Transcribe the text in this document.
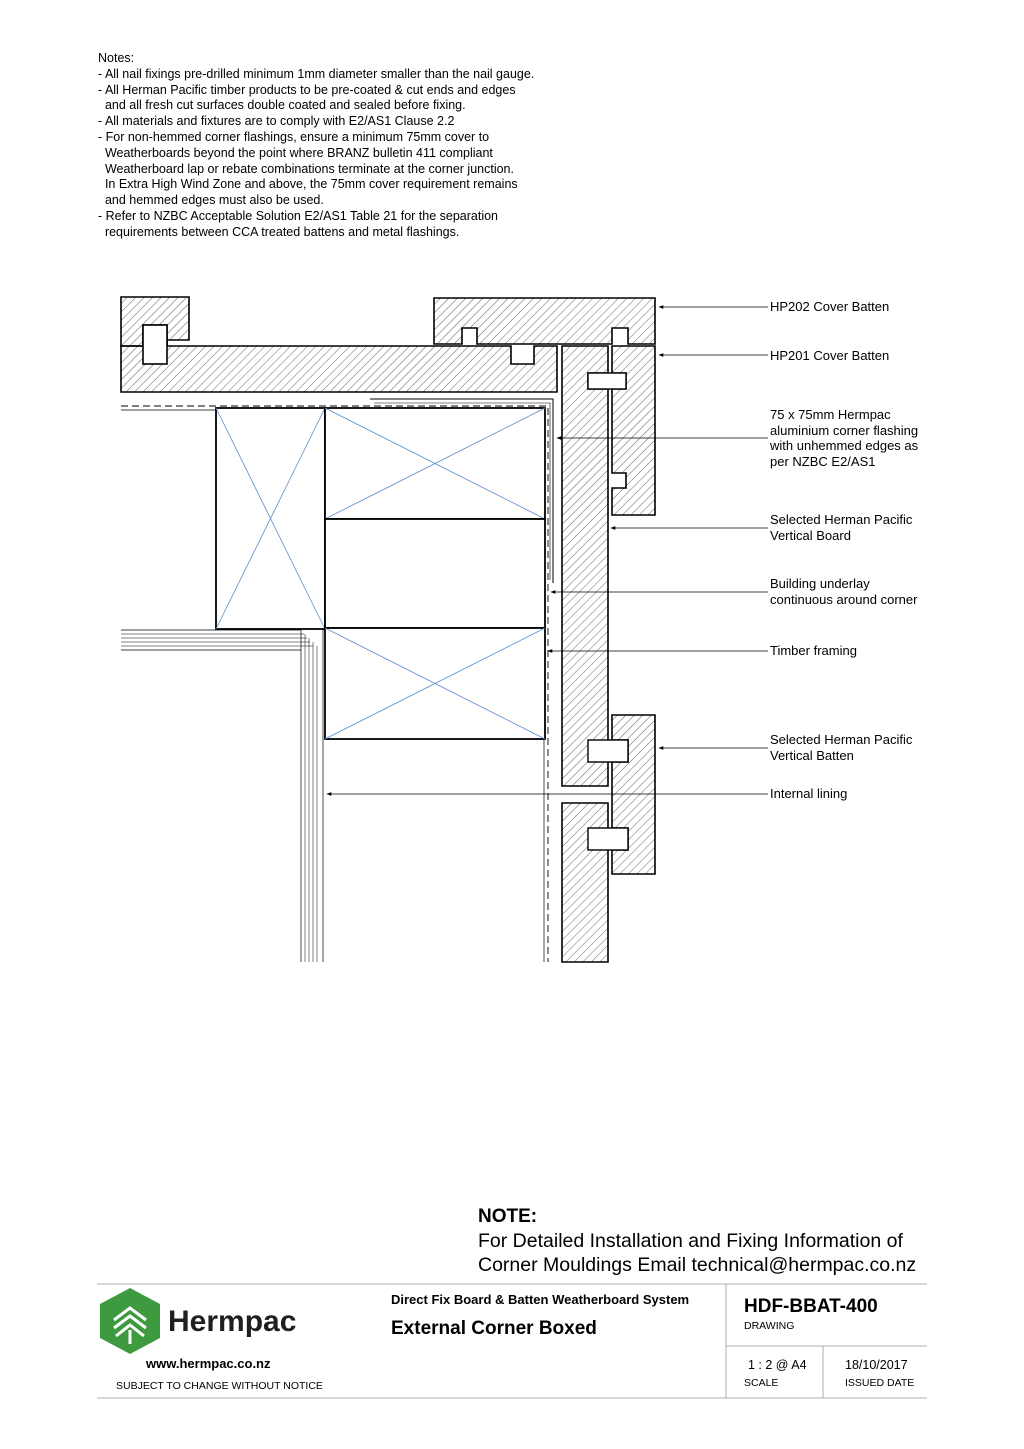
Notes:
- All nail fixings pre-drilled minimum 1mm diameter smaller than the nail gauge.
- All Herman Pacific timber products to be pre-coated & cut ends and edges
and all fresh cut surfaces double coated and sealed before fixing.
- All materials and fixtures are to comply with E2/AS1 Clause 2.2
- For non-hemmed corner flashings, ensure a minimum 75mm cover to
Weatherboards beyond the point where BRANZ bulletin 411 compliant
Weatherboard lap or rebate combinations terminate at the corner junction.
In Extra High Wind Zone and above, the 75mm cover requirement remains
and hemmed edges must also be used.
- Refer to NZBC Acceptable Solution E2/AS1 Table 21 for the separation
requirements between CCA treated battens and metal flashings.
HP202 Cover Batten
HP201 Cover Batten
75 x 75mm Hermpac
aluminium corner flashing
with unhemmed edges as
per NZBC E2/AS1
Selected Herman Pacific
Vertical Board
Building underlay
continuous around corner
Timber framing
Selected Herman Pacific
Vertical Batten
Internal lining
NOTE:
For Detailed Installation and Fixing Information of
Corner Mouldings Email technical@hermpac.co.nz
Hermpac
www.hermpac.co.nz
SUBJECT TO CHANGE WITHOUT NOTICE
Direct Fix Board & Batten Weatherboard System
External Corner Boxed
HDF-BBAT-400
DRAWING
1 : 2 @ A4
SCALE
18/10/2017
ISSUED DATE
